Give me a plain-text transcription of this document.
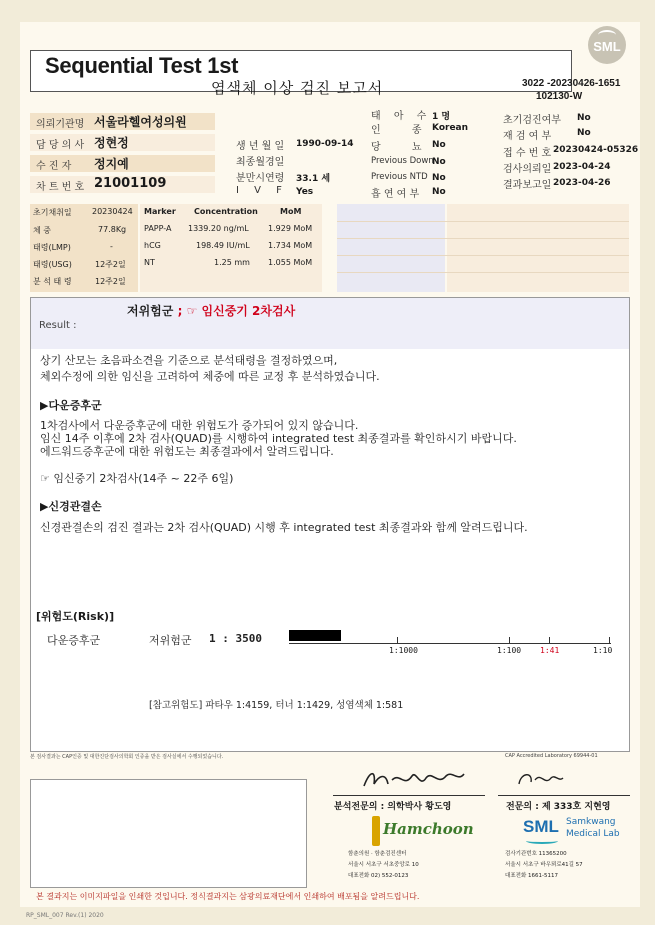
SML
Sequential Test 1st
염색체 이상 검진 보고서	3022 -20230426-1651
102130-W
의뢰기관명 서울라헬여성의원
담 당 의 사 정현정
수 진 자 정지예
차 트 번 호 21001109
생 년 월 일 1990-09-14
최종월경일
분만시연령 33.1 세
I V F Yes
태 아 수 1 명
인 종
Korean
당 뇨
No
Previous Down
No
Previous NTD No
흡 연 여 부 No
초기검진여부 No
재 검 여 부	No
접 수 번 호 20230424-05326
검사의뢰일 2023-04-24
결과보고일 2023-04-26
초기채취일	20230424
체 중	77.8Kg
태령(LMP)	-
태령(USG)	12주2일
분 석 태 령	12주2일
Marker Concentration	MoM
PAPP-A 1339.20 ng/mL 1.929 MoM
hCG	198.49 IU/mL 1.734 MoM
NT	1.25 mm 1.055 MoM
Result :
저위험군 ; ☞ 임신중기 2차검사
상기 산모는 초음파소견을 기준으로 분석태령을 결정하였으며,
체외수정에 의한 임신을 고려하여 체중에 따른 교정 후 분석하였습니다.
▶다운증후군
1차검사에서 다운증후군에 대한 위험도가 증가되어 있지 않습니다.
임신 14주 이후에 2차 검사(QUAD)를 시행하여 integrated test 최종결과를 확인하시기 바랍니다.
에드워드증후군에 대한 위험도는 최종결과에서 알려드립니다.
☞ 임신중기 2차검사(14주 ~ 22주 6일)
▶신경관결손
신경관결손의 검진 결과는 2차 검사(QUAD) 시행 후 integrated test 최종결과와 함께 알려드립니다.
[위험도(Risk)]
다운증후군	저위험군 1 : 3500
1:1000	1:100 1:41	1:10
[참고위험도] 파타우 1:4159, 터너 1:1429, 성염색체 1:581
본 검사결과는 CAP인증 및 대한진단검사의학회 인증을 받은 검사실에서 수행되었습니다.	CAP Accredited Laboratory 69944-01
분석전문의 : 의학박사 황도영	전문의 : 제 333호 지현영
Hamchoon
함춘의원 · 함춘검진센터
서울시 서초구 서초중앙로 10
대표전화 02) 552-0123
SML Samkwang
Medical Lab
검사기관번호 11365200
서울시 서초구 바우뫼로41길 57
대표전화 1661-5117
본 결과지는 이미지파일을 인쇄한 것입니다. 정식결과지는 삼광의료재단에서 인쇄하여 배포됨을 알려드립니다.
RP_SML_007 Rev.(1) 2020
